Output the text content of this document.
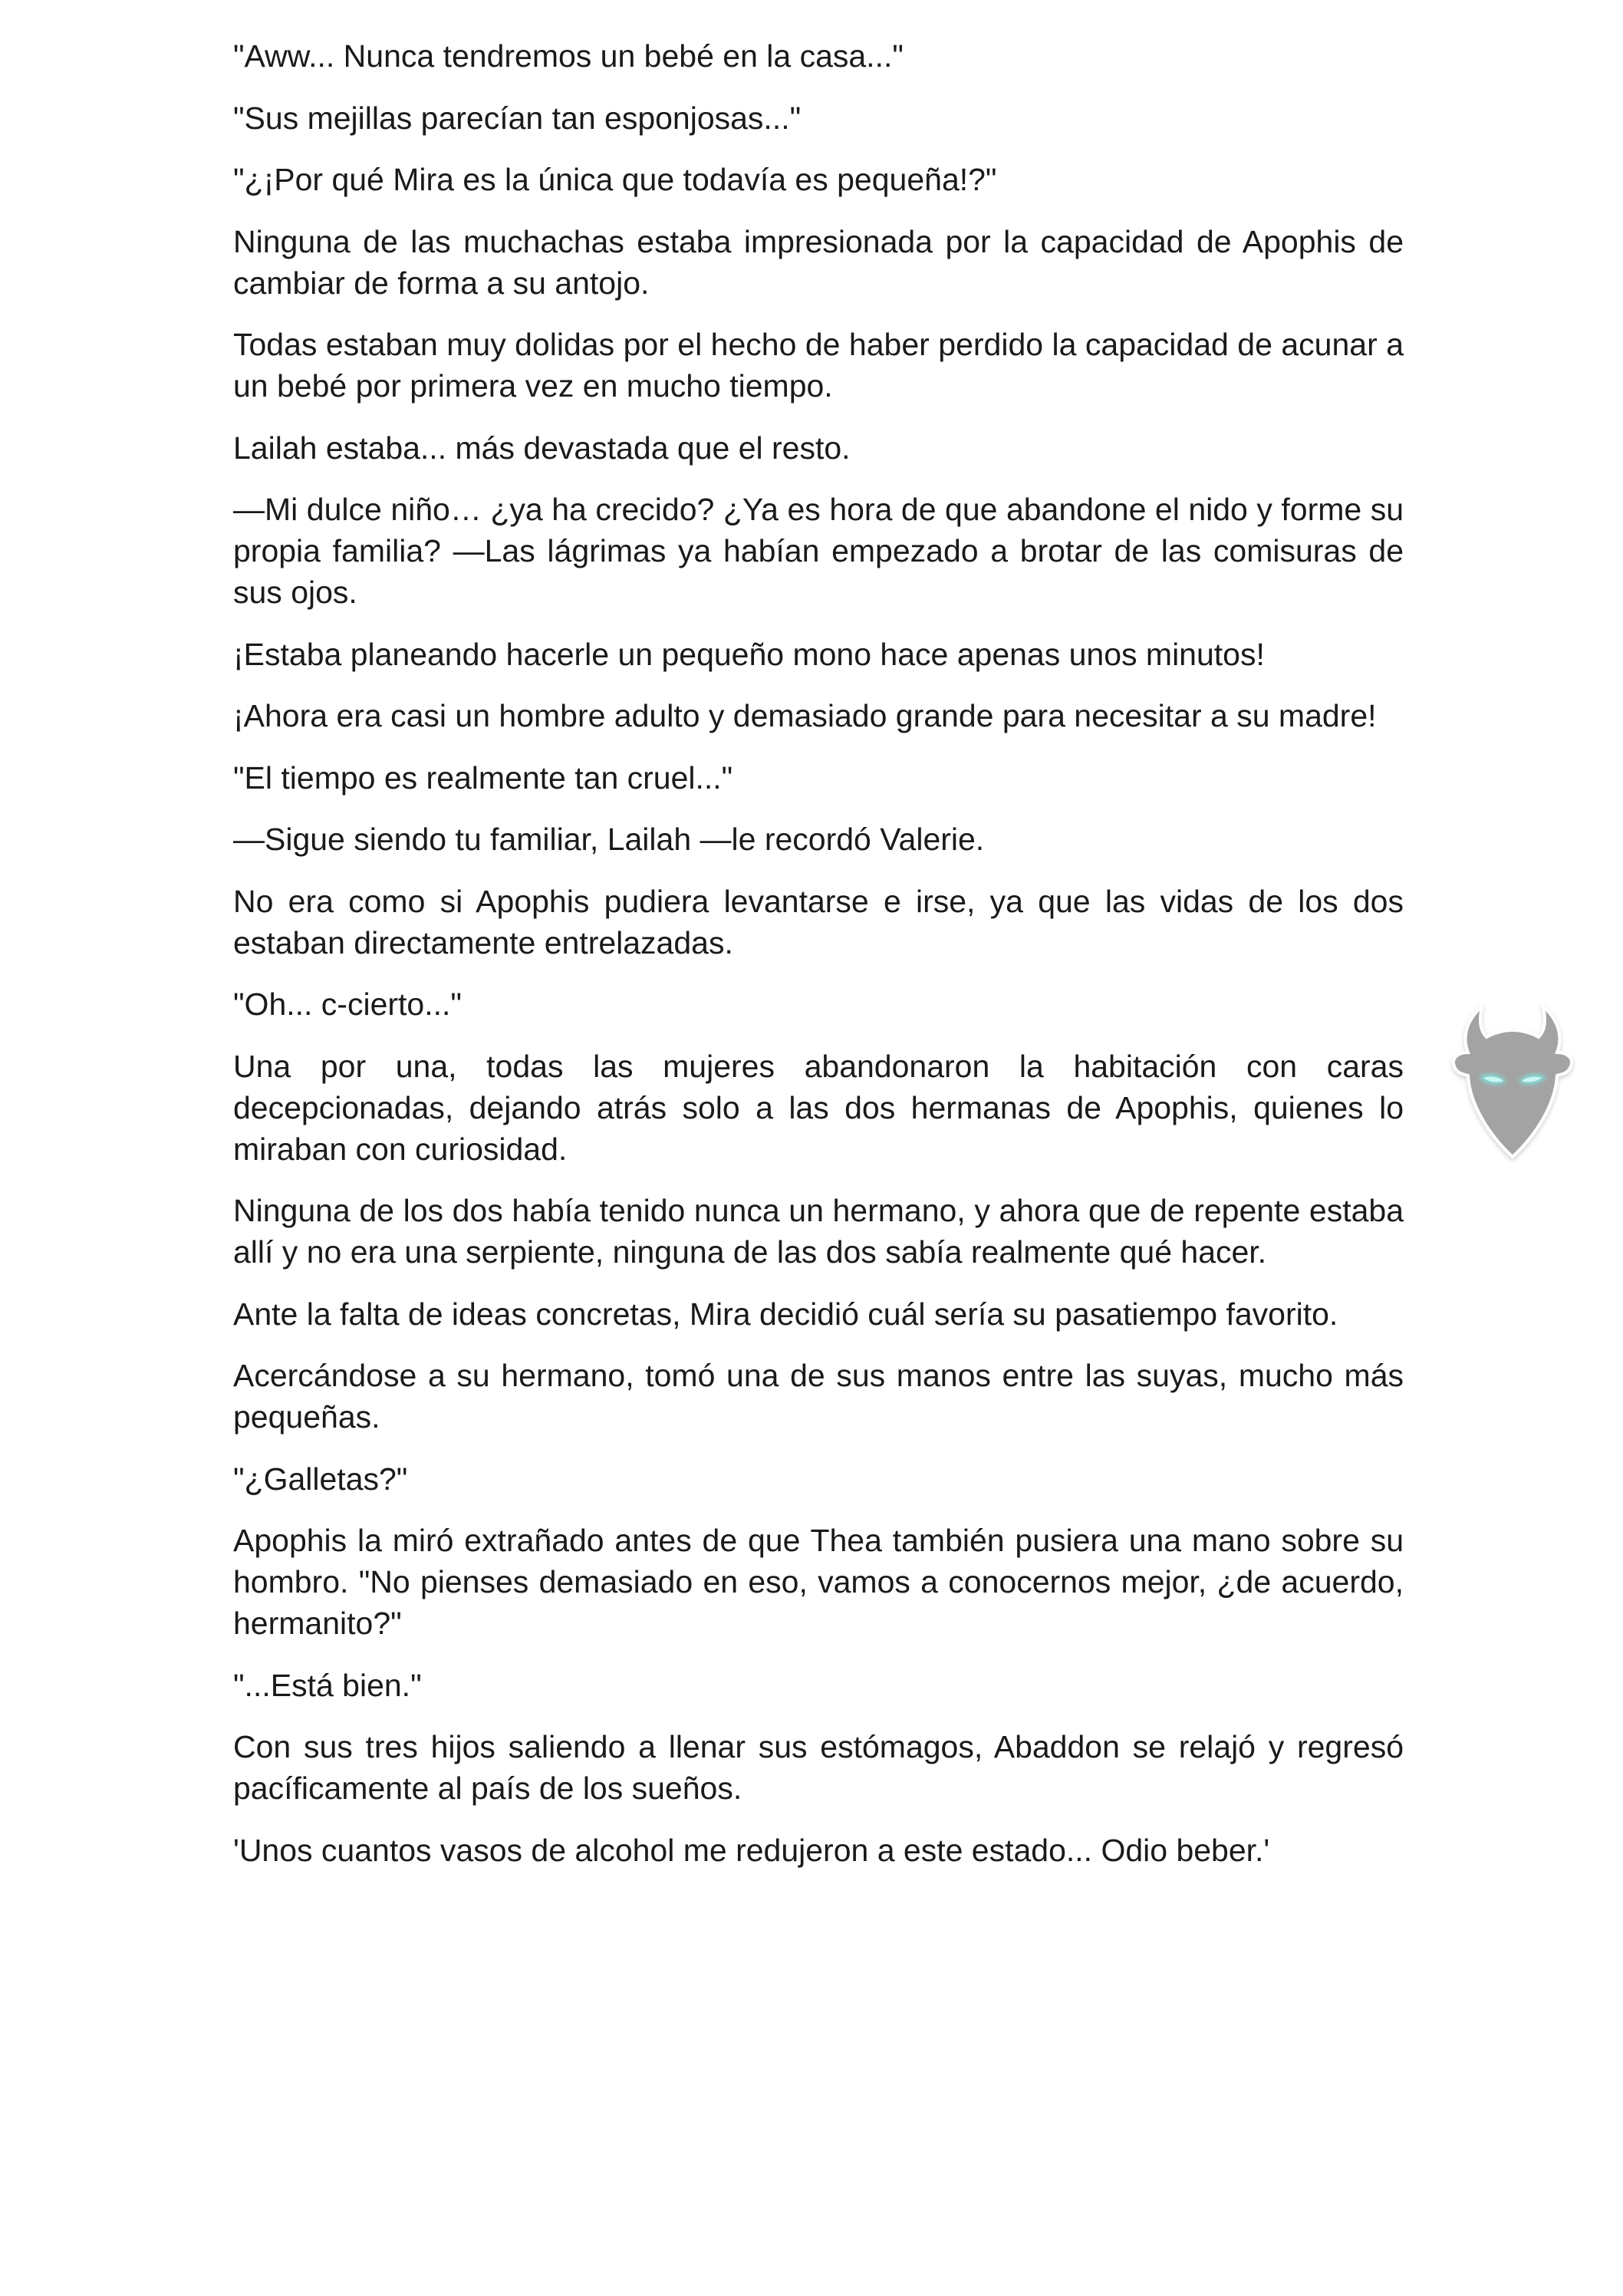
"Aww... Nunca tendremos un bebé en la casa..."

"Sus mejillas parecían tan esponjosas..."

"¿¡Por qué Mira es la única que todavía es pequeña!?"

Ninguna de las muchachas estaba impresionada por la capacidad de Apophis de cambiar de forma a su antojo.

Todas estaban muy dolidas por el hecho de haber perdido la capacidad de acunar a un bebé por primera vez en mucho tiempo.

Lailah estaba... más devastada que el resto.

—Mi dulce niño… ¿ya ha crecido? ¿Ya es hora de que abandone el nido y forme su propia familia? —Las lágrimas ya habían empezado a brotar de las comisuras de sus ojos.

¡Estaba planeando hacerle un pequeño mono hace apenas unos minutos!

¡Ahora era casi un hombre adulto y demasiado grande para necesitar a su madre!

"El tiempo es realmente tan cruel..."

—Sigue siendo tu familiar, Lailah —le recordó Valerie.

No era como si Apophis pudiera levantarse e irse, ya que las vidas de los dos estaban directamente entrelazadas.

"Oh... c-cierto..."

Una por una, todas las mujeres abandonaron la habitación con caras decepcionadas, dejando atrás solo a las dos hermanas de Apophis, quienes lo miraban con curiosidad.

Ninguna de los dos había tenido nunca un hermano, y ahora que de repente estaba allí y no era una serpiente, ninguna de las dos sabía realmente qué hacer.

Ante la falta de ideas concretas, Mira decidió cuál sería su pasatiempo favorito.

Acercándose a su hermano, tomó una de sus manos entre las suyas, mucho más pequeñas.

"¿Galletas?"

Apophis la miró extrañado antes de que Thea también pusiera una mano sobre su hombro. "No pienses demasiado en eso, vamos a conocernos mejor, ¿de acuerdo, hermanito?"

"...Está bien."

Con sus tres hijos saliendo a llenar sus estómagos, Abaddon se relajó y regresó pacíficamente al país de los sueños.

'Unos cuantos vasos de alcohol me redujeron a este estado... Odio beber.'
